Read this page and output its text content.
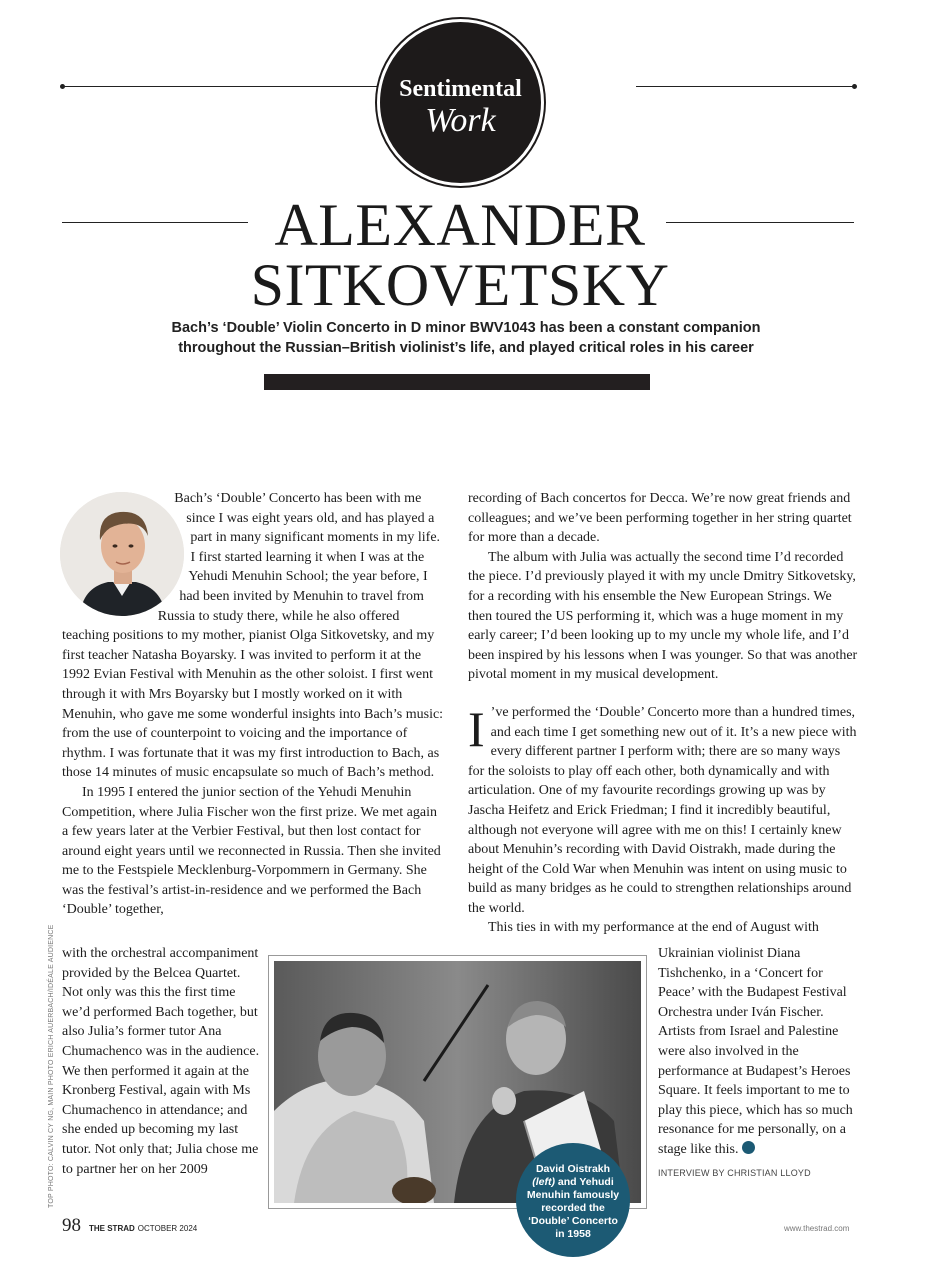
Sentimental
Work
ALEXANDER
SITKOVETSKY
Bach’s ‘Double’ Violin Concerto in D minor BWV1043 has been a constant companion
throughout the Russian–British violinist’s life, and played critical roles in his career

Bach’s ‘Double’ Concerto has been with me since I was eight years old, and has played a part in many significant moments in my life. I first started learning it when I was at the Yehudi Menuhin School; the year before, I had been invited by Menuhin to travel from Russia to study there, while he also offered teaching positions to my mother, pianist Olga Sitkovetsky, and my first teacher Natasha Boyarsky. I was invited to perform it at the 1992 Evian Festival with Menuhin as the other soloist. I first went through it with Mrs Boyarsky but I mostly worked on it with Menuhin, who gave me some wonderful insights into Bach’s music: from the use of counterpoint to voicing and the importance of rhythm. I was fortunate that it was my first introduction to Bach, as those 14 minutes of music encapsulate so much of Bach’s method.

In 1995 I entered the junior section of the Yehudi Menuhin Competition, where Julia Fischer won the first prize. We met again a few years later at the Verbier Festival, but then lost contact for around eight years until we reconnected in Russia. Then she invited me to the Festspiele Mecklenburg-Vorpommern in Germany. She was the festival’s artist-in-residence and we performed the Bach ‘Double’ together,

with the orchestral accompaniment provided by the Belcea Quartet. Not only was this the first time we’d performed Bach together, but also Julia’s former tutor Ana Chumachenco was in the audience. We then performed it again at the Kronberg Festival, again with Ms Chumachenco in attendance; and she ended up becoming my last tutor. Not only that; Julia chose me to partner her on her 2009

recording of Bach concertos for Decca. We’re now great friends and colleagues; and we’ve been performing together in her string quartet for more than a decade.

The album with Julia was actually the second time I’d recorded the piece. I’d previously played it with my uncle Dmitry Sitkovetsky, for a recording with his ensemble the New European Strings. We then toured the US performing it, which was a huge moment in my early career; I’d been looking up to my uncle my whole life, and I’d been inspired by his lessons when I was younger. So that was another pivotal moment in my musical development.

I ’ve performed the ‘Double’ Concerto more than a hundred times, and each time I get something new out of it. It’s a new piece with every different partner I perform with; there are so many ways for the soloists to play off each other, both dynamically and with articulation. One of my favourite recordings growing up was by Jascha Heifetz and Erick Friedman; I find it incredibly beautiful, although not everyone will agree with me on this! I certainly knew about Menuhin’s recording with David Oistrakh, made during the height of the Cold War when Menuhin was intent on using music to build as many bridges as he could to strengthen relationships around the world.

This ties in with my performance at the end of August with

Ukrainian violinist Diana Tishchenko, in a ‘Concert for Peace’ with the Budapest Festival Orchestra under Iván Fischer. Artists from Israel and Palestine were also involved in the performance at Budapest’s Heroes Square. It feels important to me to play this piece, which has so much resonance for me personally, on a stage like this.

INTERVIEW BY CHRISTIAN LLOYD
David Oistrakh (left) and Yehudi Menuhin famously recorded the ‘Double’ Concerto in 1958
TOP PHOTO: CALVIN CY NG, MAIN PHOTO ERICH AUERBACH/IDÉALE AUDIENCE
98 THE STRAD OCTOBER 2024	www.thestrad.com
